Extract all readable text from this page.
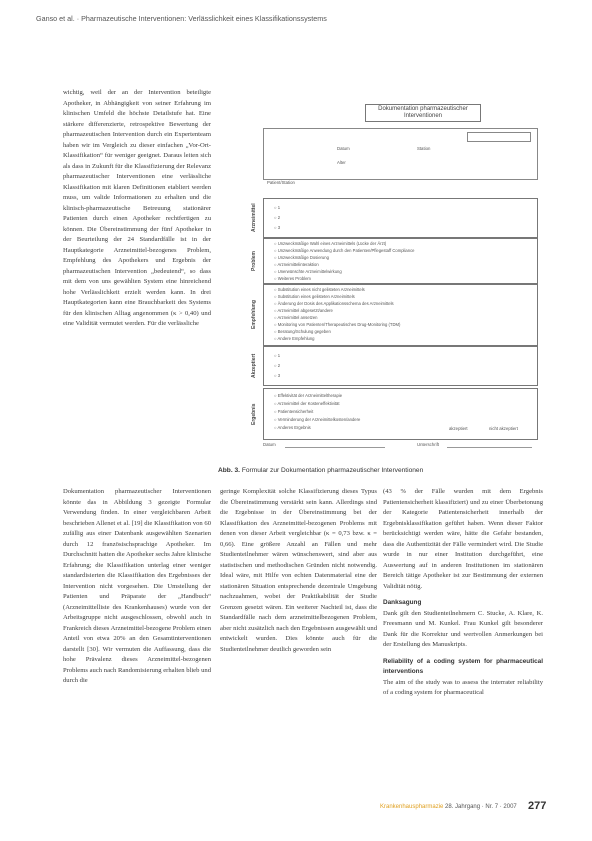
Ganso et al. · Pharmazeutische Interventionen: Verlässlichkeit eines Klassifikationssystems

wichtig, weil der an der Intervention beteiligte Apotheker, in Abhängigkeit von seiner Erfahrung im klinischen Umfeld die höchste Detailstufe hat. Eine stärkere differenzierte, retrospektive Bewertung der pharmazeutischen Intervention durch ein Expertenteam haben wir im Vergleich zu dieser einfachen „Vor-Ort-Klassifikation“ für weniger geeignet. Daraus leiten sich als dass in Zukunft für die Klassifizierung der Relevanz pharmazeutischer Interventionen eine verlässliche Klassifikation mit klaren Definitionen etabliert werden muss, um valide Informationen zu erhalten und die klinisch-pharmazeutische Betreuung stationärer Patienten durch einen Apotheker rechtfertigen zu können. Die Übereinstimmung der fünf Apotheker in der Beurteilung der 24 Standardfälle ist in der Hauptkategorie Arzneimittel-bezogenes Problem, Empfehlung des Apothekers und Ergebnis der pharmazeutischen Intervention „bedeutend“, so dass mit dem von uns gewählten System eine hinreichend hohe Verlässlichkeit erzielt werden kann. In drei Hauptkategorien kann eine Brauchbarkeit des Systems für den klinischen Alltag angenommen (κ > 0,40) und eine Validität vermutet werden. Für die verlässliche

Dokumentation pharmazeutischer Interventionen
Datum	Station
Alter
Patient/Station
Arzneimittel	○ 1
○ 2
○ 3
Problem
○ Unzweckmäßige Wahl eines Arzneimittels (Lücke der Ärzt)
○ Unzweckmäßige Anwendung durch den Patienten/Pflegestaff Compliance
○ Unzweckmäßige Dosierung
○ Arzneimittelinteraktion
○ Unerwünschte Arzneimittelwirkung
○ Weiteres Problem
Empfehlung
○ Substitution eines nicht gelisteten Arzneimittels
○ Substitution eines gelisteten Arzneimittels
○ Änderung der Dosis des Applikationsschema des Arzneimittels
○ Arzneimittel abgesetzt/andere
○ Arzneimittel ansetzen
○ Monitoring von Patienten/Therapeutisches Drug-Monitoring (TDM)
○ Beratung/Schulung gegeben
○ Andere Empfehlung
Akzeptiert	○ 1
○ 2
○ 3
Ergebnis
○ Effektivität der Arzneimitteltherapie
○ Arzneimittel der Kosteneffektivität
○ Patientensicherheit
○ Verminderung der Arzneimittelkosten/andere
○ Anderes Ergebnis	akzeptiert	nicht akzeptiert
Datum	Unterschrift
Abb. 3. Formular zur Dokumentation pharmazeutischer Interventionen

Dokumentation pharmazeutischer Interventionen könnte das in Abbildung 3 gezeigte Formular Verwendung finden. In einer vergleichbaren Arbeit beschrieben Allenet et al. [19] die Klassifikation von 60 zufällig aus einer Datenbank ausgewählten Szenarien durch 12 französischsprachige Apotheker. Im Durchschnitt hatten die Apotheker sechs Jahre klinische Erfahrung; die Klassifikation unterlag einer weniger standardisierten die Klassifikation des Ergebnisses der Intervention nicht vorgesehen. Die Umstellung der Patienten und Präparate der „Handbuch“ (Arzneimittelliste des Krankenhauses) wurde von der Arbeitsgruppe nicht ausgeschlossen, obwohl auch in Frankreich dieses Arzneimittel-bezogene Problem einen Anteil von etwa 20% an den Gesamtinterventionen darstellt [30]. Wir vermuten die Auffassung, dass die hohe Prävalenz dieses Arzneimittel-bezogenen Problems auch nach Randomisierung erhalten blieb und durch die

geringe Komplexität solche Klassifizierung dieses Typus die Übereinstimmung verstärkt sein kann. Allerdings sind die Ergebnisse in der Übereinstimmung bei der Klassifikation des Arzneimittel-bezogenen Problems mit denen von dieser Arbeit vergleichbar (κ = 0,73 bzw. κ = 0,66). Eine größere Anzahl an Fällen und mehr Studienteilnehmer wären wünschenswert, sind aber aus statistischen und methodischen Gründen nicht notwendig. Ideal wäre, mit Hilfe von echten Datenmaterial eine der stationären Situation entsprechende dezentrale Umgebung nachzuahmen, wobei der Praktikabilität der Studie Grenzen gesetzt wären. Ein weiterer Nachteil ist, dass die Standardfälle nach dem arzneimittelbezogenen Problem, aber nicht zusätzlich nach den Ergebnissen ausgewählt und entwickelt wurden. Dies könnte auch für die Studienteilnehmer deutlich geworden sein

(43 % der Fälle wurden mit dem Ergebnis Patientensicherheit klassifiziert) und zu einer Überbetonung der Kategorie Patientensicherheit innerhalb der Ergebnisklassifikation geführt haben. Wenn dieser Faktor berücksichtigt werden wäre, hätte die Gefahr bestanden, dass die Authentizität der Fälle vermindert wird. Die Studie wurde in nur einer Institution durchgeführt, eine Auswertung auf in anderen Institutionen im stationären Bereich tätige Apotheker ist zur Bestimmung der externen Validität nötig.

Danksagung

Dank gilt den Studienteilnehmern C. Stucke, A. Klare, K. Freesmann und M. Kunkel. Frau Kunkel gilt besonderer Dank für die Korrektur und wertvollen Anmerkungen bei der Erstellung des Manuskripts.

Reliability of a coding system for pharmaceutical interventions

The aim of the study was to assess the interrater reliability of a coding system for pharmaceutical

Krankenhauspharmazie 28. Jahrgang · Nr. 7 · 2007 277
